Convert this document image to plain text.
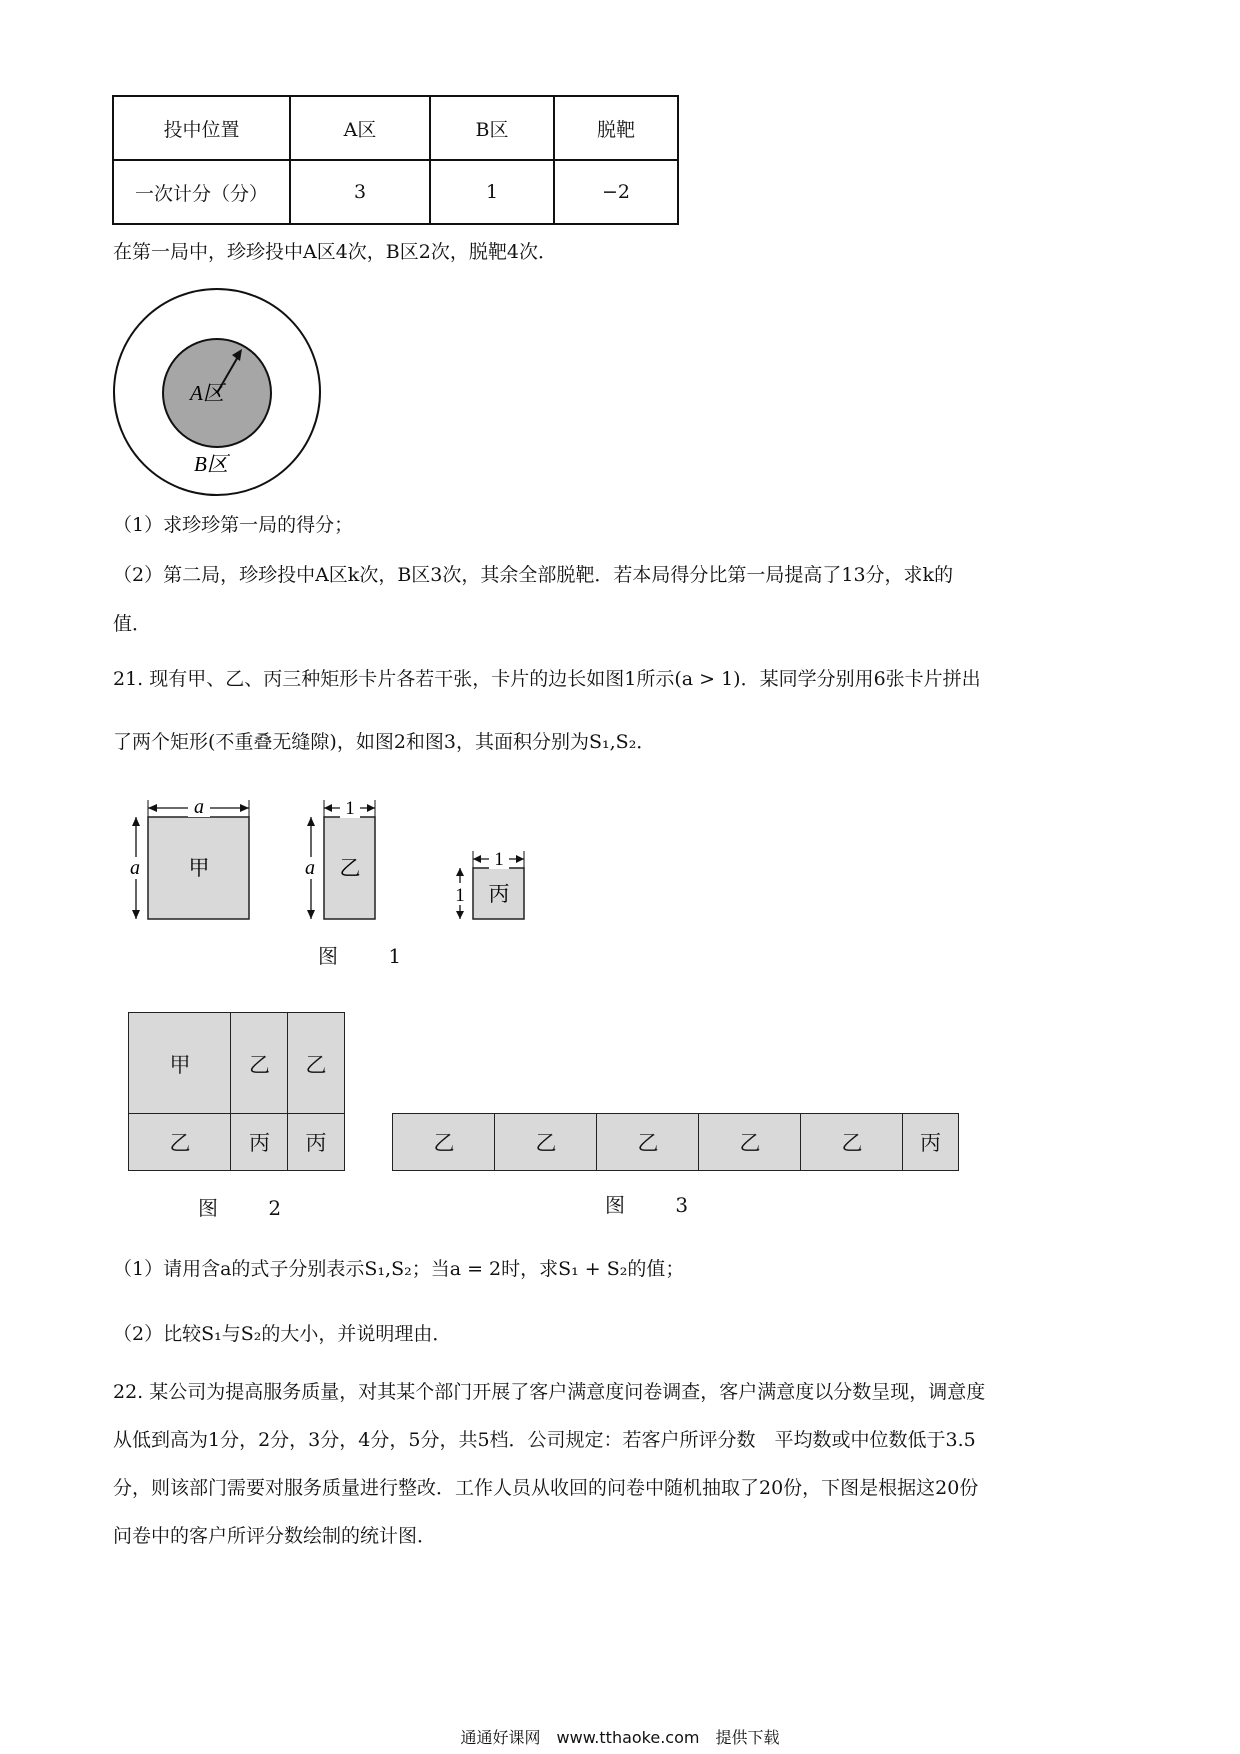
投中位置	A区	B区	脱靶
一次计分（分）	3	1	−2
在第一局中，珍珍投中A区4次，B区2次，脱靶4次．
A区
B区
（1）求珍珍第一局的得分；
（2）第二局，珍珍投中A区k次，B区3次，其余全部脱靶．若本局得分比第一局提高了13分，求k的
值．
21. 现有甲、乙、丙三种矩形卡片各若干张，卡片的边长如图1所示(a > 1)．某同学分别用6张卡片拼出
了两个矩形(不重叠无缝隙)，如图2和图3，其面积分别为S₁,S₂．
甲
a
a	乙
1
a
丙
1
1
图 1
甲	乙	乙
乙	丙	丙
图 2
乙	乙	乙	乙	乙	丙
图 3
（1）请用含a的式子分别表示S₁,S₂；当a = 2时，求S₁ + S₂的值；
（2）比较S₁与S₂的大小，并说明理由．
22. 某公司为提高服务质量，对其某个部门开展了客户满意度问卷调查，客户满意度以分数呈现，调意度
从低到高为1分，2分，3分，4分，5分，共5档．公司规定：若客户所评分数　平均数或中位数低于3.5
分，则该部门需要对服务质量进行整改．工作人员从收回的问卷中随机抽取了20份，下图是根据这20份
问卷中的客户所评分数绘制的统计图．
通通好课网　www.tthaoke.com　提供下载
